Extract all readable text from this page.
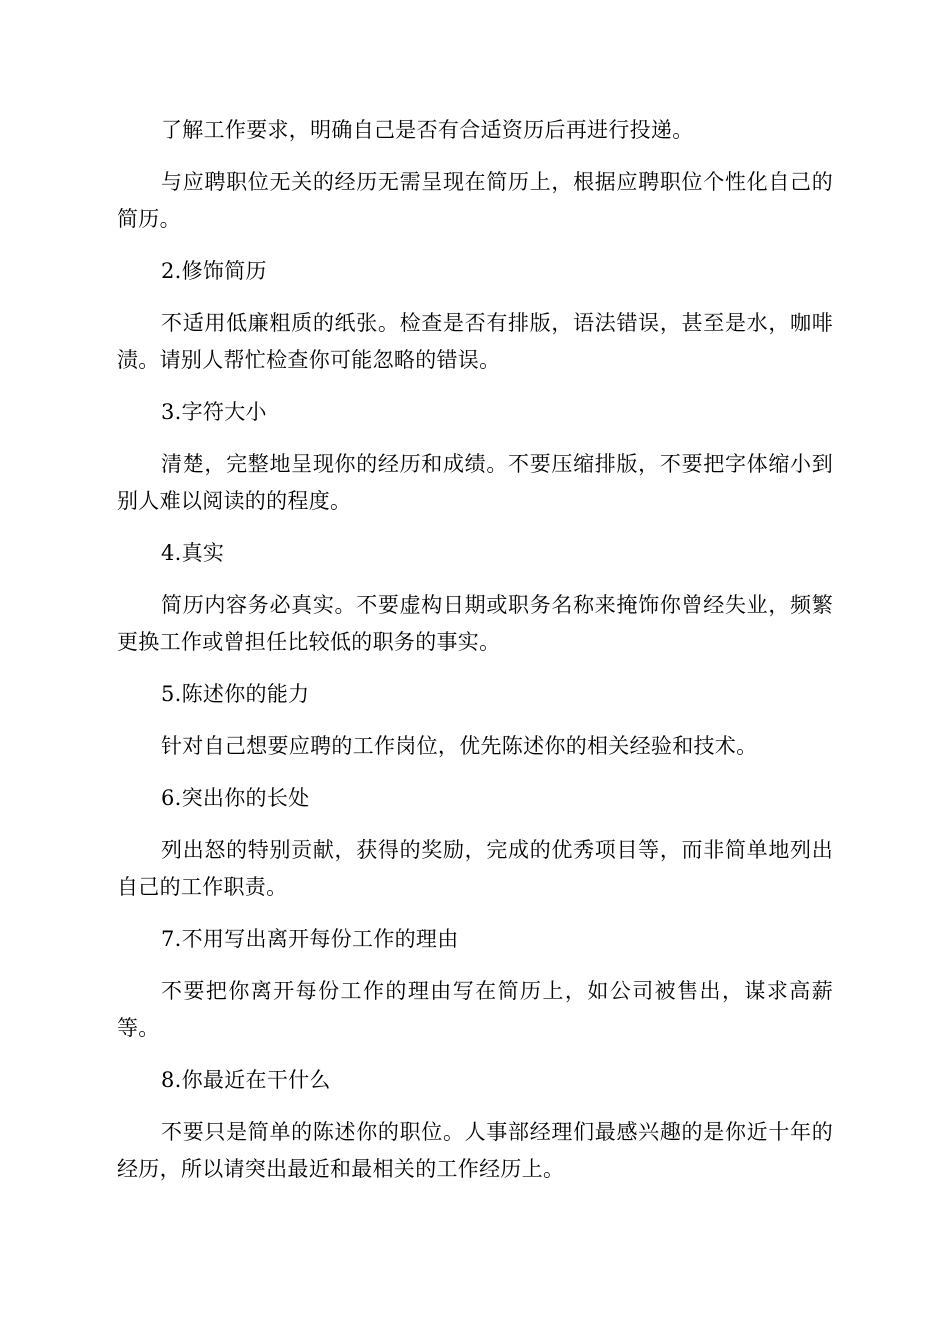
了解工作要求，明确自己是否有合适资历后再进行投递。

与应聘职位无关的经历无需呈现在简历上，根据应聘职位个性化自己的简历。

2.修饰简历

不适用低廉粗质的纸张。检查是否有排版，语法错误，甚至是水，咖啡渍。请别人帮忙检查你可能忽略的错误。

3.字符大小

清楚，完整地呈现你的经历和成绩。不要压缩排版，不要把字体缩小到别人难以阅读的的程度。

4.真实

简历内容务必真实。不要虚构日期或职务名称来掩饰你曾经失业，频繁更换工作或曾担任比较低的职务的事实。

5.陈述你的能力

针对自己想要应聘的工作岗位，优先陈述你的相关经验和技术。

6.突出你的长处

列出怒的特别贡献，获得的奖励，完成的优秀项目等，而非简单地列出自己的工作职责。

7.不用写出离开每份工作的理由

不要把你离开每份工作的理由写在简历上，如公司被售出，谋求高薪等。

8.你最近在干什么

不要只是简单的陈述你的职位。人事部经理们最感兴趣的是你近十年的经历，所以请突出最近和最相关的工作经历上。
